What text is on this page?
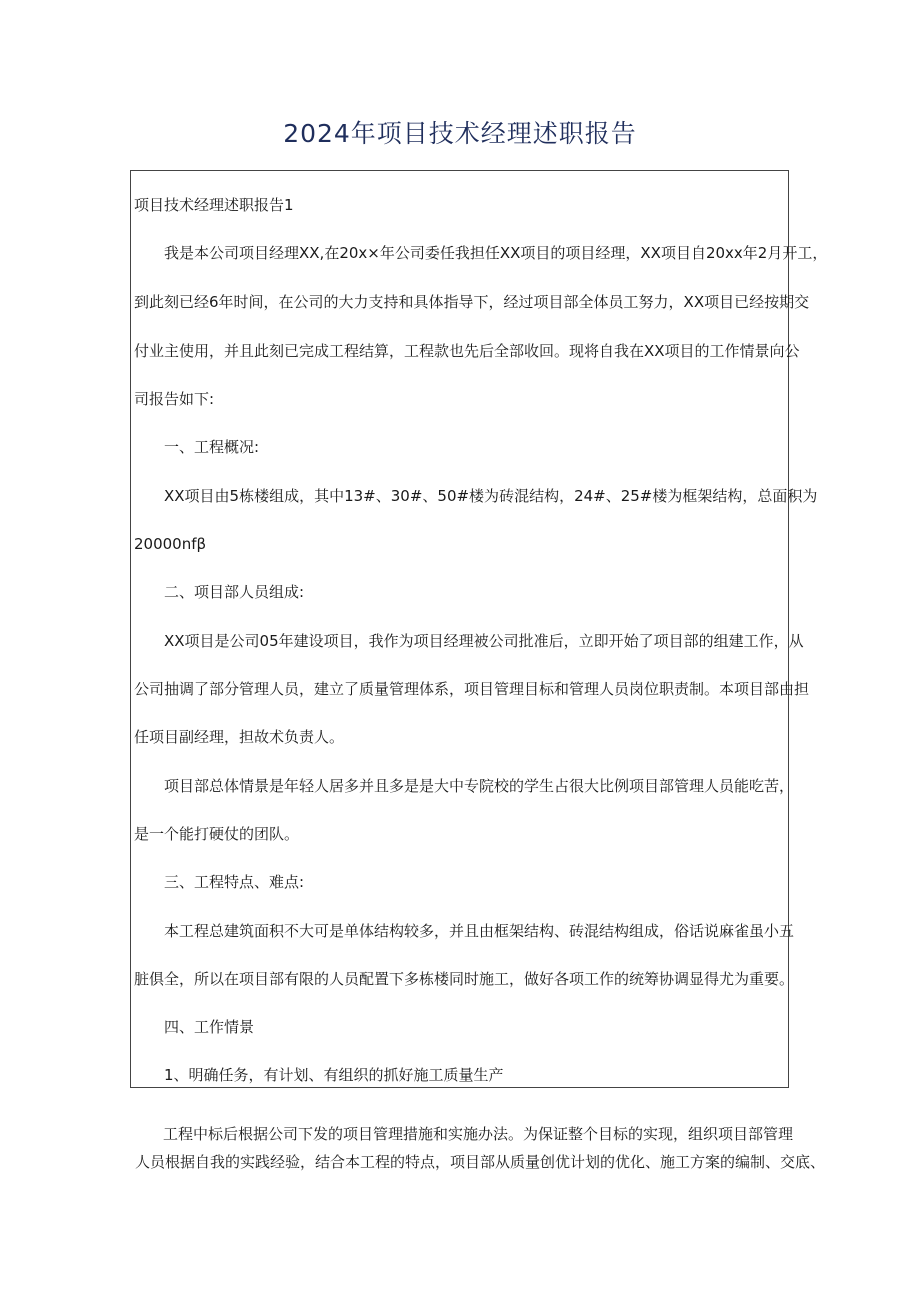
2024年项目技术经理述职报告
项目技术经理述职报告1
我是本公司项目经理XX,在20x×年公司委任我担任XX项目的项目经理，XX项目自20xx年2月开工，
到此刻已经6年时间，在公司的大力支持和具体指导下，经过项目部全体员工努力，XX项目已经按期交
付业主使用，并且此刻已完成工程结算，工程款也先后全部收回。现将自我在XX项目的工作情景向公
司报告如下:
一、工程概况:
XX项目由5栋楼组成，其中13#、30#、50#楼为砖混结构，24#、25#楼为框架结构，总面积为
20000nfβ
二、项目部人员组成:
XX项目是公司05年建设项目，我作为项目经理被公司批准后，立即开始了项目部的组建工作，从
公司抽调了部分管理人员，建立了质量管理体系，项目管理目标和管理人员岗位职责制。本项目部由担
任项目副经理，担故术负责人。
项目部总体情景是年轻人居多并且多是是大中专院校的学生占很大比例项目部管理人员能吃苦，
是一个能打硬仗的团队。
三、工程特点、难点:
本工程总建筑面积不大可是单体结构较多，并且由框架结构、砖混结构组成，俗话说麻雀虽小五
脏俱全，所以在项目部有限的人员配置下多栋楼同时施工，做好各项工作的统筹协调显得尤为重要。
四、工作情景
1、明确任务，有计划、有组织的抓好施工质量生产
工程中标后根据公司下发的项目管理措施和实施办法。为保证整个目标的实现，组织项目部管理
人员根据自我的实践经验，结合本工程的特点，项目部从质量创优计划的优化、施工方案的编制、交底、
